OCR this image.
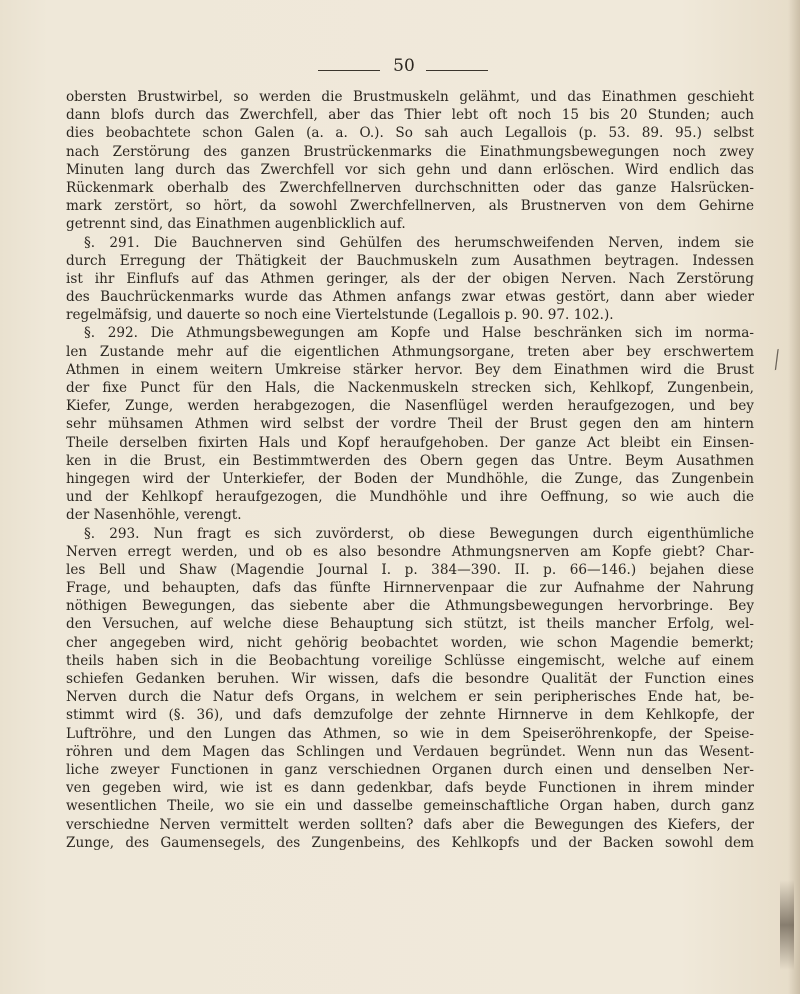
50
obersten Brustwirbel, so werden die Brustmuskeln gelähmt, und das Einathmen geschieht
dann blofs durch das Zwerchfell, aber das Thier lebt oft noch 15 bis 20 Stunden; auch
dies beobachtete schon Galen (a. a. O.). So sah auch Legallois (p. 53. 89. 95.) selbst
nach Zerstörung des ganzen Brustrückenmarks die Einathmungsbewegungen noch zwey
Minuten lang durch das Zwerchfell vor sich gehn und dann erlöschen. Wird endlich das
Rückenmark oberhalb des Zwerchfellnerven durchschnitten oder das ganze Halsrücken-
mark zerstört, so hört, da sowohl Zwerchfellnerven, als Brustnerven von dem Gehirne
getrennt sind, das Einathmen augenblicklich auf.
§. 291. Die Bauchnerven sind Gehülfen des herumschweifenden Nerven, indem sie
durch Erregung der Thätigkeit der Bauchmuskeln zum Ausathmen beytragen. Indessen
ist ihr Einflufs auf das Athmen geringer, als der der obigen Nerven. Nach Zerstörung
des Bauchrückenmarks wurde das Athmen anfangs zwar etwas gestört, dann aber wieder
regelmäfsig, und dauerte so noch eine Viertelstunde (Legallois p. 90. 97. 102.).
§. 292. Die Athmungsbewegungen am Kopfe und Halse beschränken sich im norma-
len Zustande mehr auf die eigentlichen Athmungsorgane, treten aber bey erschwertem
Athmen in einem weitern Umkreise stärker hervor. Bey dem Einathmen wird die Brust
der fixe Punct für den Hals, die Nackenmuskeln strecken sich, Kehlkopf, Zungenbein,
Kiefer, Zunge, werden herabgezogen, die Nasenflügel werden heraufgezogen, und bey
sehr mühsamen Athmen wird selbst der vordre Theil der Brust gegen den am hintern
Theile derselben fixirten Hals und Kopf heraufgehoben. Der ganze Act bleibt ein Einsen-
ken in die Brust, ein Bestimmtwerden des Obern gegen das Untre. Beym Ausathmen
hingegen wird der Unterkiefer, der Boden der Mundhöhle, die Zunge, das Zungenbein
und der Kehlkopf heraufgezogen, die Mundhöhle und ihre Oeffnung, so wie auch die
der Nasenhöhle, verengt.
§. 293. Nun fragt es sich zuvörderst, ob diese Bewegungen durch eigenthümliche
Nerven erregt werden, und ob es also besondre Athmungsnerven am Kopfe giebt? Char-
les Bell und Shaw (Magendie Journal I. p. 384—390. II. p. 66—146.) bejahen diese
Frage, und behaupten, dafs das fünfte Hirnnervenpaar die zur Aufnahme der Nahrung
nöthigen Bewegungen, das siebente aber die Athmungsbewegungen hervorbringe. Bey
den Versuchen, auf welche diese Behauptung sich stützt, ist theils mancher Erfolg, wel-
cher angegeben wird, nicht gehörig beobachtet worden, wie schon Magendie bemerkt;
theils haben sich in die Beobachtung voreilige Schlüsse eingemischt, welche auf einem
schiefen Gedanken beruhen. Wir wissen, dafs die besondre Qualität der Function eines
Nerven durch die Natur defs Organs, in welchem er sein peripherisches Ende hat, be-
stimmt wird (§. 36), und dafs demzufolge der zehnte Hirnnerve in dem Kehlkopfe, der
Luftröhre, und den Lungen das Athmen, so wie in dem Speiseröhrenkopfe, der Speise-
röhren und dem Magen das Schlingen und Verdauen begründet. Wenn nun das Wesent-
liche zweyer Functionen in ganz verschiednen Organen durch einen und denselben Ner-
ven gegeben wird, wie ist es dann gedenkbar, dafs beyde Functionen in ihrem minder
wesentlichen Theile, wo sie ein und dasselbe gemeinschaftliche Organ haben, durch ganz
verschiedne Nerven vermittelt werden sollten? dafs aber die Bewegungen des Kiefers, der
Zunge, des Gaumensegels, des Zungenbeins, des Kehlkopfs und der Backen sowohl dem
╱
